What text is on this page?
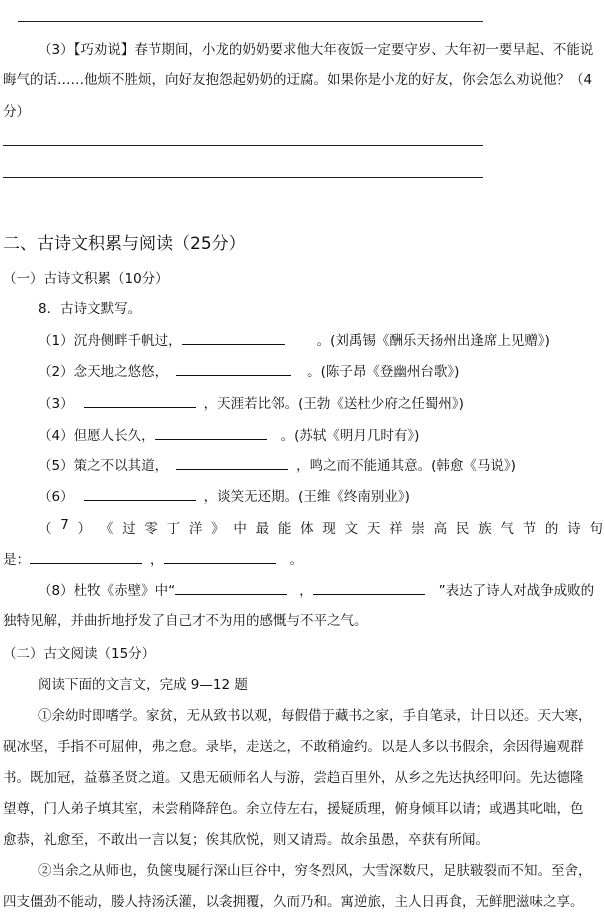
（3）【巧劝说】春节期间，小龙的奶奶要求他大年夜饭一定要守岁、大年初一要早起、不能说
晦气的话……他烦不胜烦，向好友抱怨起奶奶的迂腐。如果你是小龙的好友，你会怎么劝说他？（4
分）
二、古诗文积累与阅读（25分）
（一）古诗文积累（10分）
8．古诗文默写。
（1）沉舟侧畔千帆过，	。(刘禹锡《酬乐天扬州出逢席上见赠》)
（2）念天地之悠悠，	。(陈子昂《登幽州台歌》)
（3）	，天涯若比邻。(王勃《送杜少府之任蜀州》)
（4）但愿人长久，	。(苏轼《明月几时有》)
（5）策之不以其道，	，鸣之而不能通其意。(韩愈《马说》)
（6）	，谈笑无还期。(王维《终南别业》)
（ 7 ） 《 过 零 丁 洋 》 中 最 能 体 现 文 天 祥 崇 高 民 族 气 节 的 诗 句
是：	，	。
（8）杜牧《赤壁》中“	，	”表达了诗人对战争成败的
独特见解，并曲折地抒发了自己才不为用的感慨与不平之气。
（二）古文阅读（15分）
阅读下面的文言文，完成 9—12 题
①余幼时即嗜学。家贫，无从致书以观，每假借于藏书之家，手自笔录，计日以还。天大寒，
砚冰坚，手指不可屈伸，弗之怠。录毕，走送之，不敢稍逾约。以是人多以书假余，余因得遍观群
书。既加冠，益慕圣贤之道。又患无硕师名人与游，尝趋百里外，从乡之先达执经叩问。先达德隆
望尊，门人弟子填其室，未尝稍降辞色。余立侍左右，援疑质理，俯身倾耳以请；或遇其叱咄，色
愈恭，礼愈至，不敢出一言以复；俟其欣悦，则又请焉。故余虽愚，卒获有所闻。
②当余之从师也，负箧曳屣行深山巨谷中，穷冬烈风，大雪深数尺，足肤皲裂而不知。至舍，
四支僵劲不能动，媵人持汤沃灌，以衾拥覆，久而乃和。寓逆旅，主人日再食，无鲜肥滋味之享。
